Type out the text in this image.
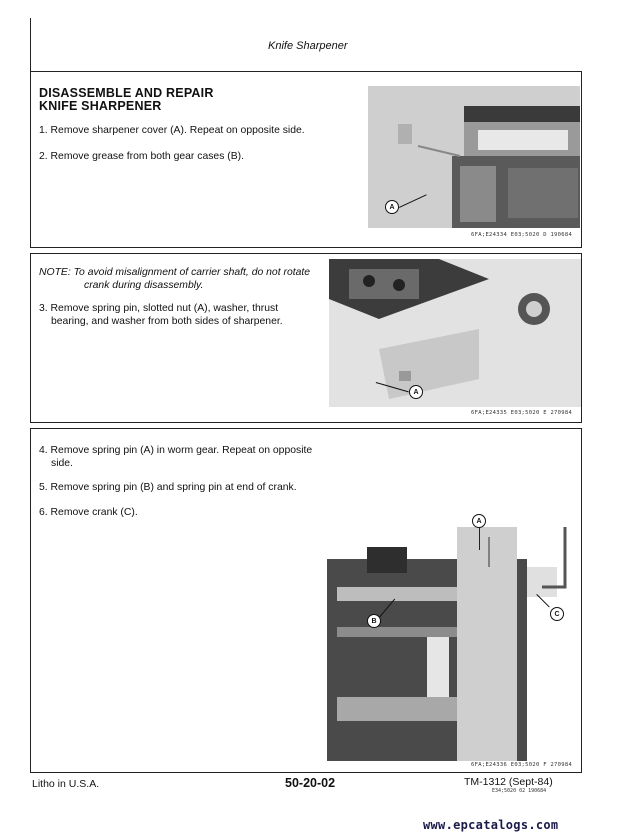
Knife Sharpener
DISASSEMBLE AND REPAIR
KNIFE SHARPENER
1. Remove sharpener cover (A). Repeat on opposite side.
2. Remove grease from both gear cases (B).
A
6FA;E24334 E03;5020 D 190684
NOTE: To avoid misalignment of carrier shaft, do not rotate
crank during disassembly.
3. Remove spring pin, slotted nut (A), washer, thrust
bearing, and washer from both sides of sharpener.
A
6FA;E24335 E03;5020 E 270984
4. Remove spring pin (A) in worm gear. Repeat on opposite
side.
5. Remove spring pin (B) and spring pin at end of crank.
6. Remove crank (C).
A
B
C
6FA;E24336 E03;5020 F 270984
Litho in U.S.A.	50-20-02	TM-1312 (Sept-84)
E34;5020 02 190684
www.epcatalogs.com
